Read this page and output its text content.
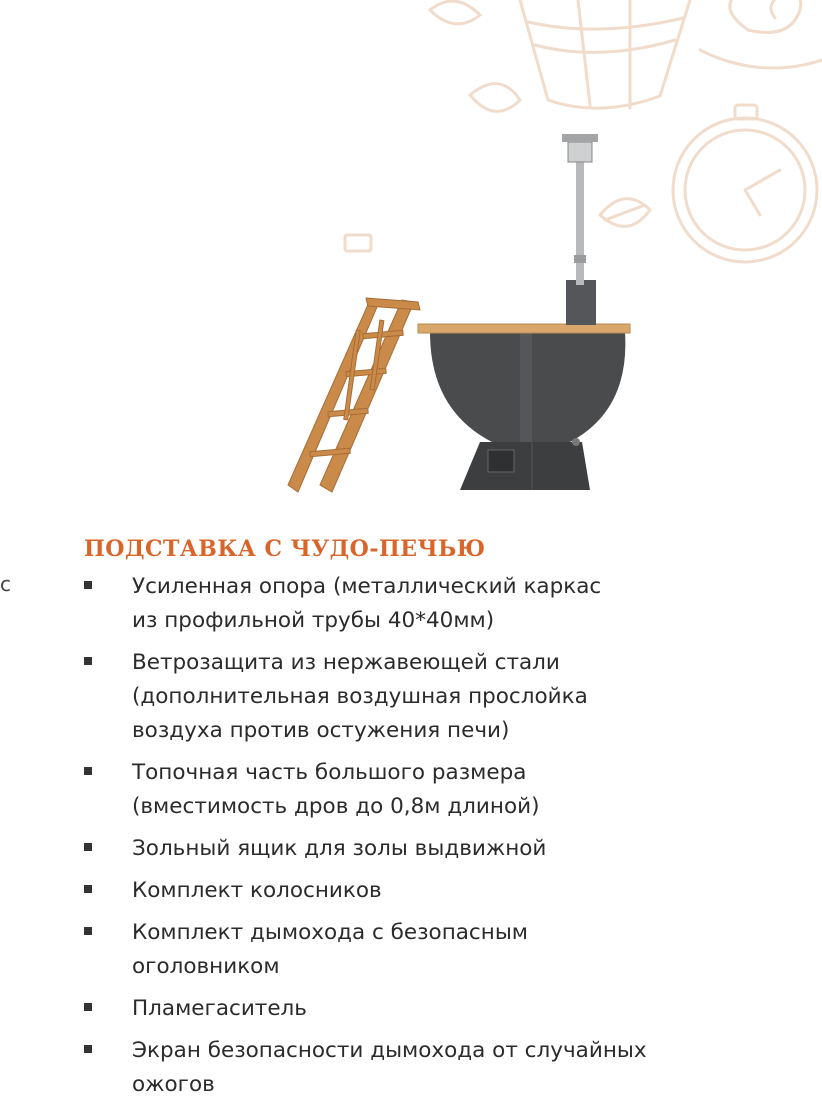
с
ПОДСТАВКА С ЧУДО-ПЕЧЬЮ
Усиленная опора (металлический каркас
из профильной трубы 40*40мм)
Ветрозащита из нержавеющей стали
(дополнительная воздушная прослойка
воздуха против остужения печи)
Топочная часть большого размера
(вместимость дров до 0,8м длиной)
Зольный ящик для золы выдвижной
Комплект колосников
Комплект дымохода с безопасным
оголовником
Пламегаситель
Экран безопасности дымохода от случайных
ожогов
